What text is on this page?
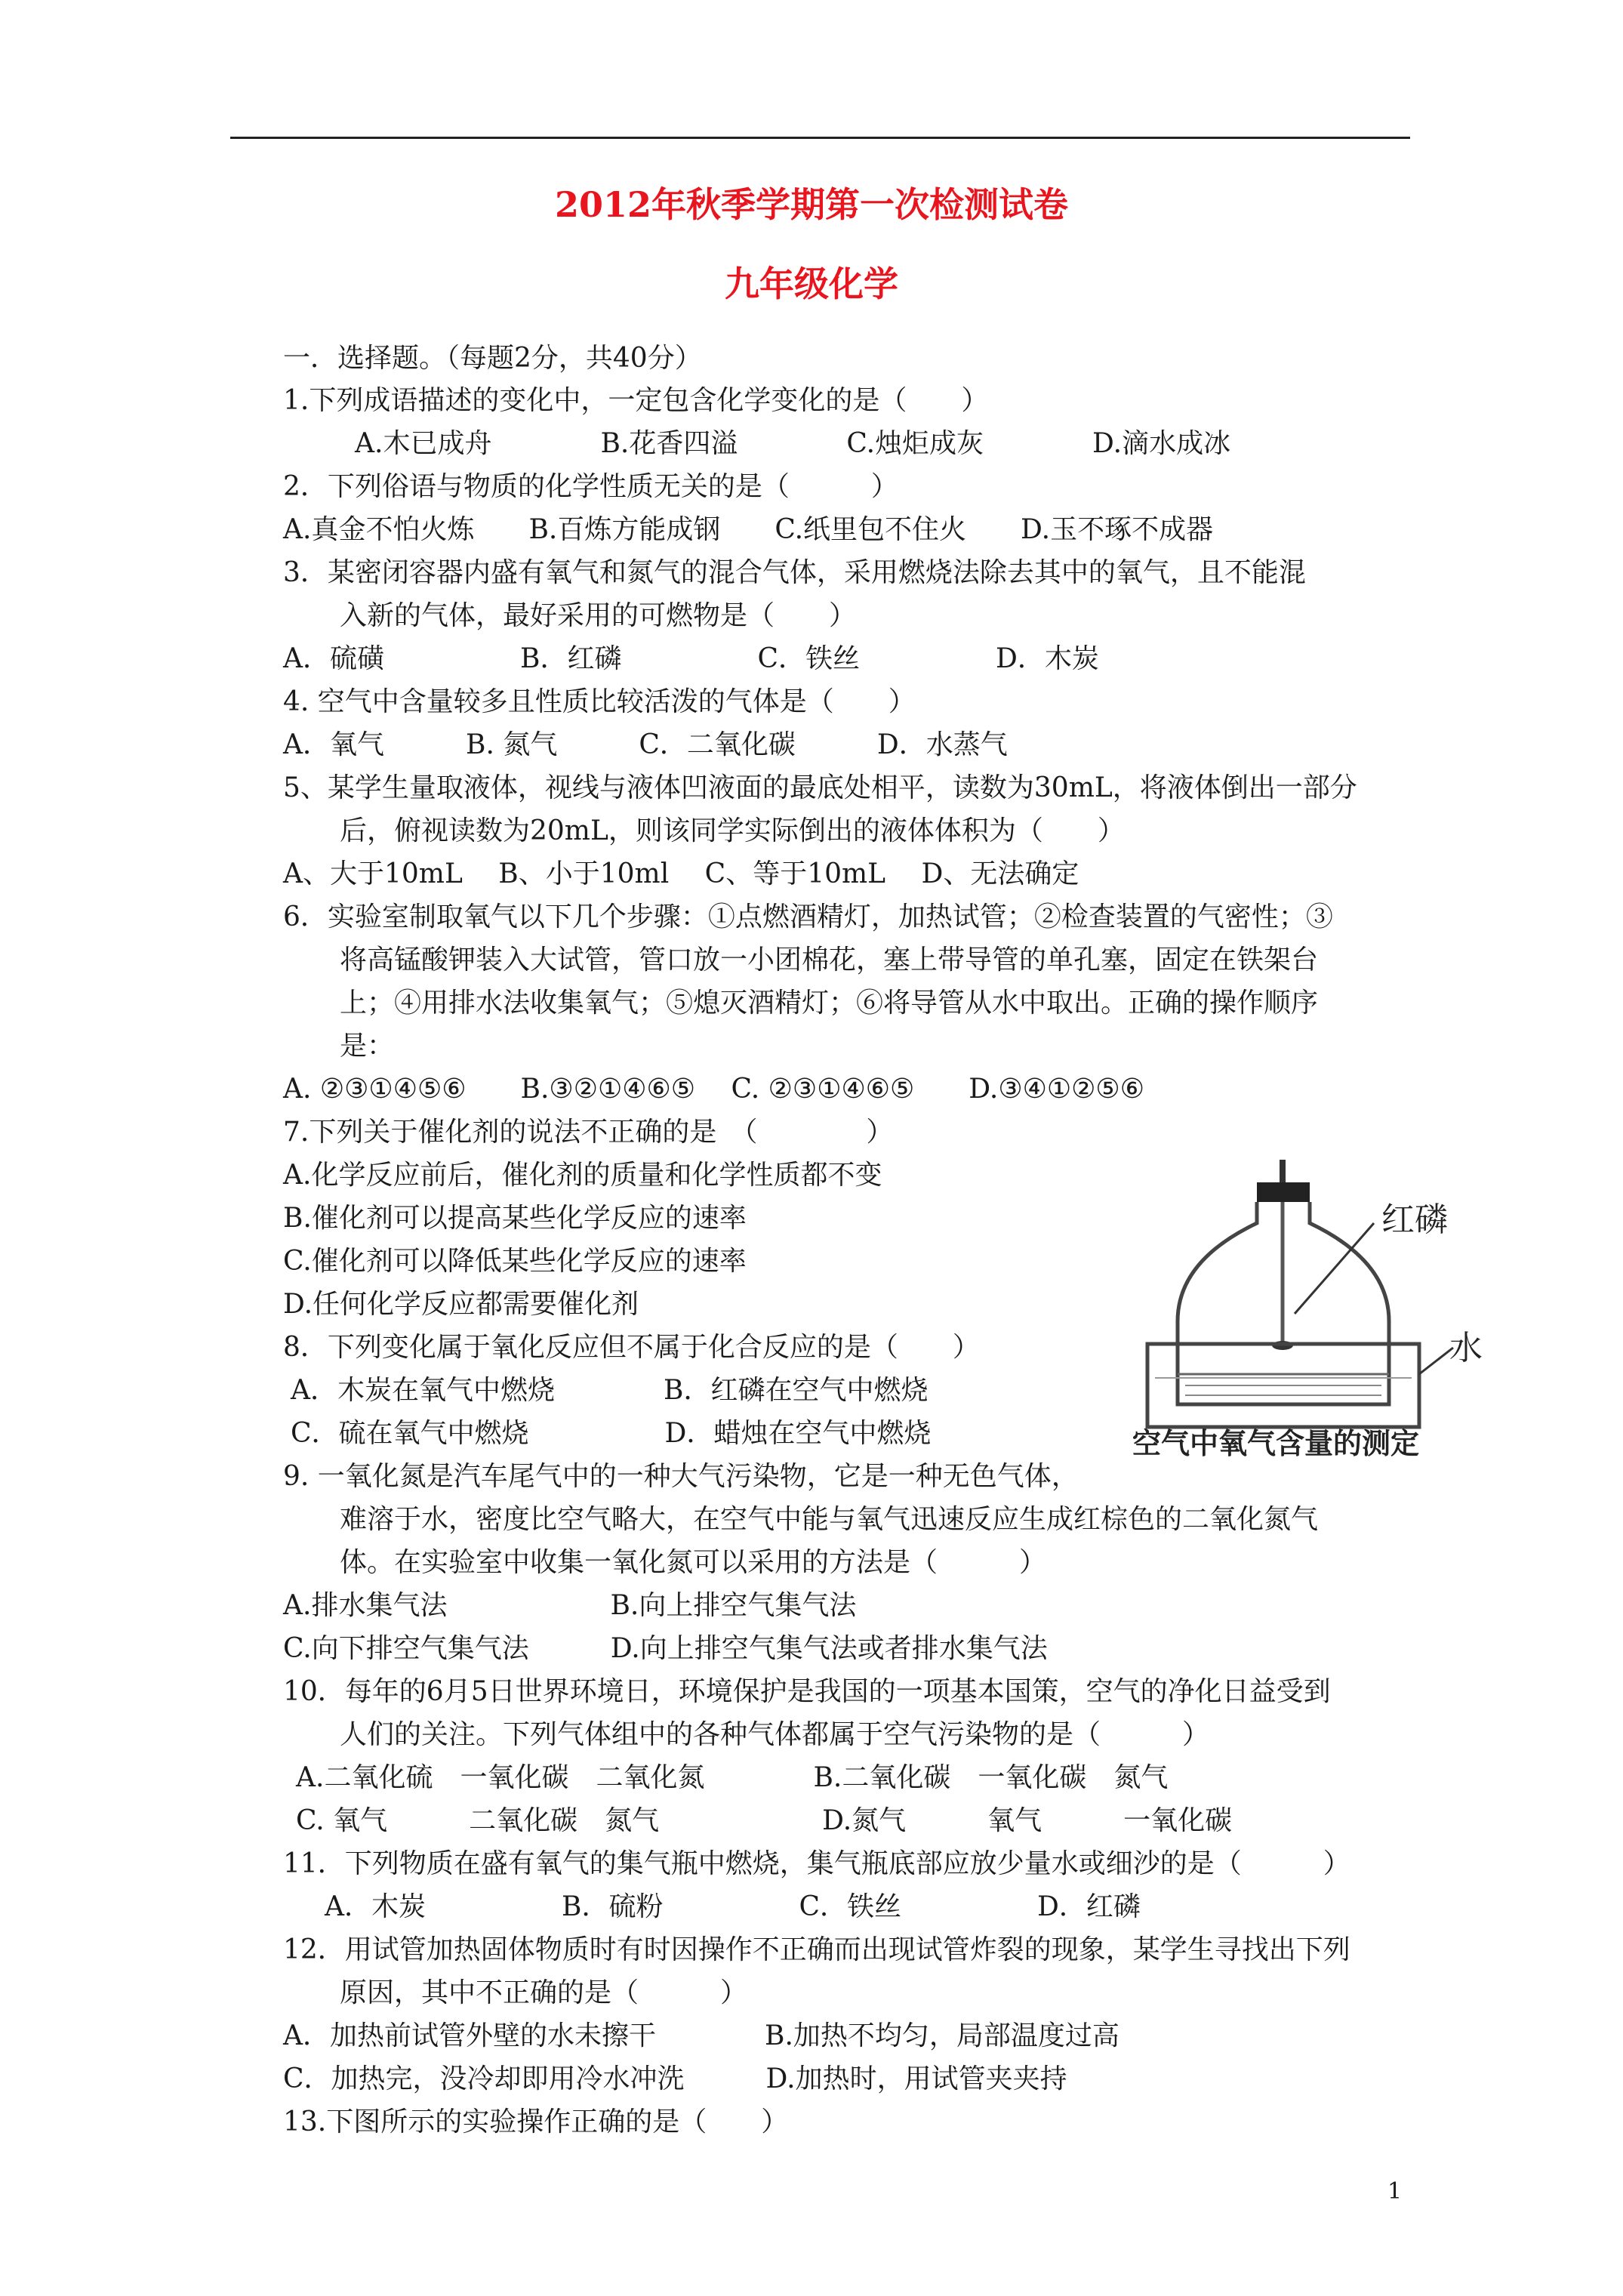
2012年秋季学期第一次检测试卷
九年级化学
一．选择题。（每题2分，共40分）
1.下列成语描述的变化中，一定包含化学变化的是（　　）
A.木已成舟　　　　B.花香四溢　　　　C.烛炬成灰　　　　D.滴水成冰
2．下列俗语与物质的化学性质无关的是（　　　）
A.真金不怕火炼　　B.百炼方能成钢　　C.纸里包不住火　　D.玉不琢不成器
3．某密闭容器内盛有氧气和氮气的混合气体，采用燃烧法除去其中的氧气，且不能混
入新的气体，最好采用的可燃物是（　　）
A．硫磺　　　　　B．红磷　　　　　C．铁丝　　　　　D．木炭
4. 空气中含量较多且性质比较活泼的气体是（　　）
A．氧气　　　B. 氮气　　　C．二氧化碳　　　D．水蒸气
5、某学生量取液体，视线与液体凹液面的最底处相平，读数为30mL，将液体倒出一部分
后，俯视读数为20mL，则该同学实际倒出的液体体积为（　　）
A、大于10mL　 B、小于10ml　 C、等于10mL　 D、无法确定
6．实验室制取氧气以下几个步骤：①点燃酒精灯，加热试管；②检查装置的气密性；③
将高锰酸钾装入大试管，管口放一小团棉花，塞上带导管的单孔塞，固定在铁架台
上；④用排水法收集氧气；⑤熄灭酒精灯；⑥将导管从水中取出。正确的操作顺序
是：
A. ②③①④⑤⑥　　B.③②①④⑥⑤　 C. ②③①④⑥⑤　　D.③④①②⑤⑥
7.下列关于催化剂的说法不正确的是　（　　　　）
A.化学反应前后，催化剂的质量和化学性质都不变
B.催化剂可以提高某些化学反应的速率
C.催化剂可以降低某些化学反应的速率
D.任何化学反应都需要催化剂
8．下列变化属于氧化反应但不属于化合反应的是（　　）
A．木炭在氧气中燃烧　　　　B．红磷在空气中燃烧
C．硫在氧气中燃烧　　　　　D．蜡烛在空气中燃烧
9. 一氧化氮是汽车尾气中的一种大气污染物，它是一种无色气体，
难溶于水，密度比空气略大，在空气中能与氧气迅速反应生成红棕色的二氧化氮气
体。在实验室中收集一氧化氮可以采用的方法是（　　　）
A.排水集气法　　　　　　B.向上排空气集气法
C.向下排空气集气法　　　D.向上排空气集气法或者排水集气法
10．每年的6月5日世界环境日，环境保护是我国的一项基本国策，空气的净化日益受到
人们的关注。下列气体组中的各种气体都属于空气污染物的是（　　　）
A.二氧化硫　一氧化碳　二氧化氮　　　　B.二氧化碳　一氧化碳　氮气
C. 氧气　　　二氧化碳　氮气　　　　　　D.氮气　　　氧气　　　一氧化碳
11．下列物质在盛有氧气的集气瓶中燃烧，集气瓶底部应放少量水或细沙的是（　　　）
A．木炭　　　　　B．硫粉　　　　　C．铁丝　　　　　D．红磷
12．用试管加热固体物质时有时因操作不正确而出现试管炸裂的现象，某学生寻找出下列
原因，其中不正确的是（　　　）
A．加热前试管外壁的水未擦干　　　　B.加热不均匀，局部温度过高
C．加热完，没冷却即用冷水冲洗　　　D.加热时，用试管夹夹持
13.下图所示的实验操作正确的是（　　）
红磷
水
空气中氧气含量的测定
1
